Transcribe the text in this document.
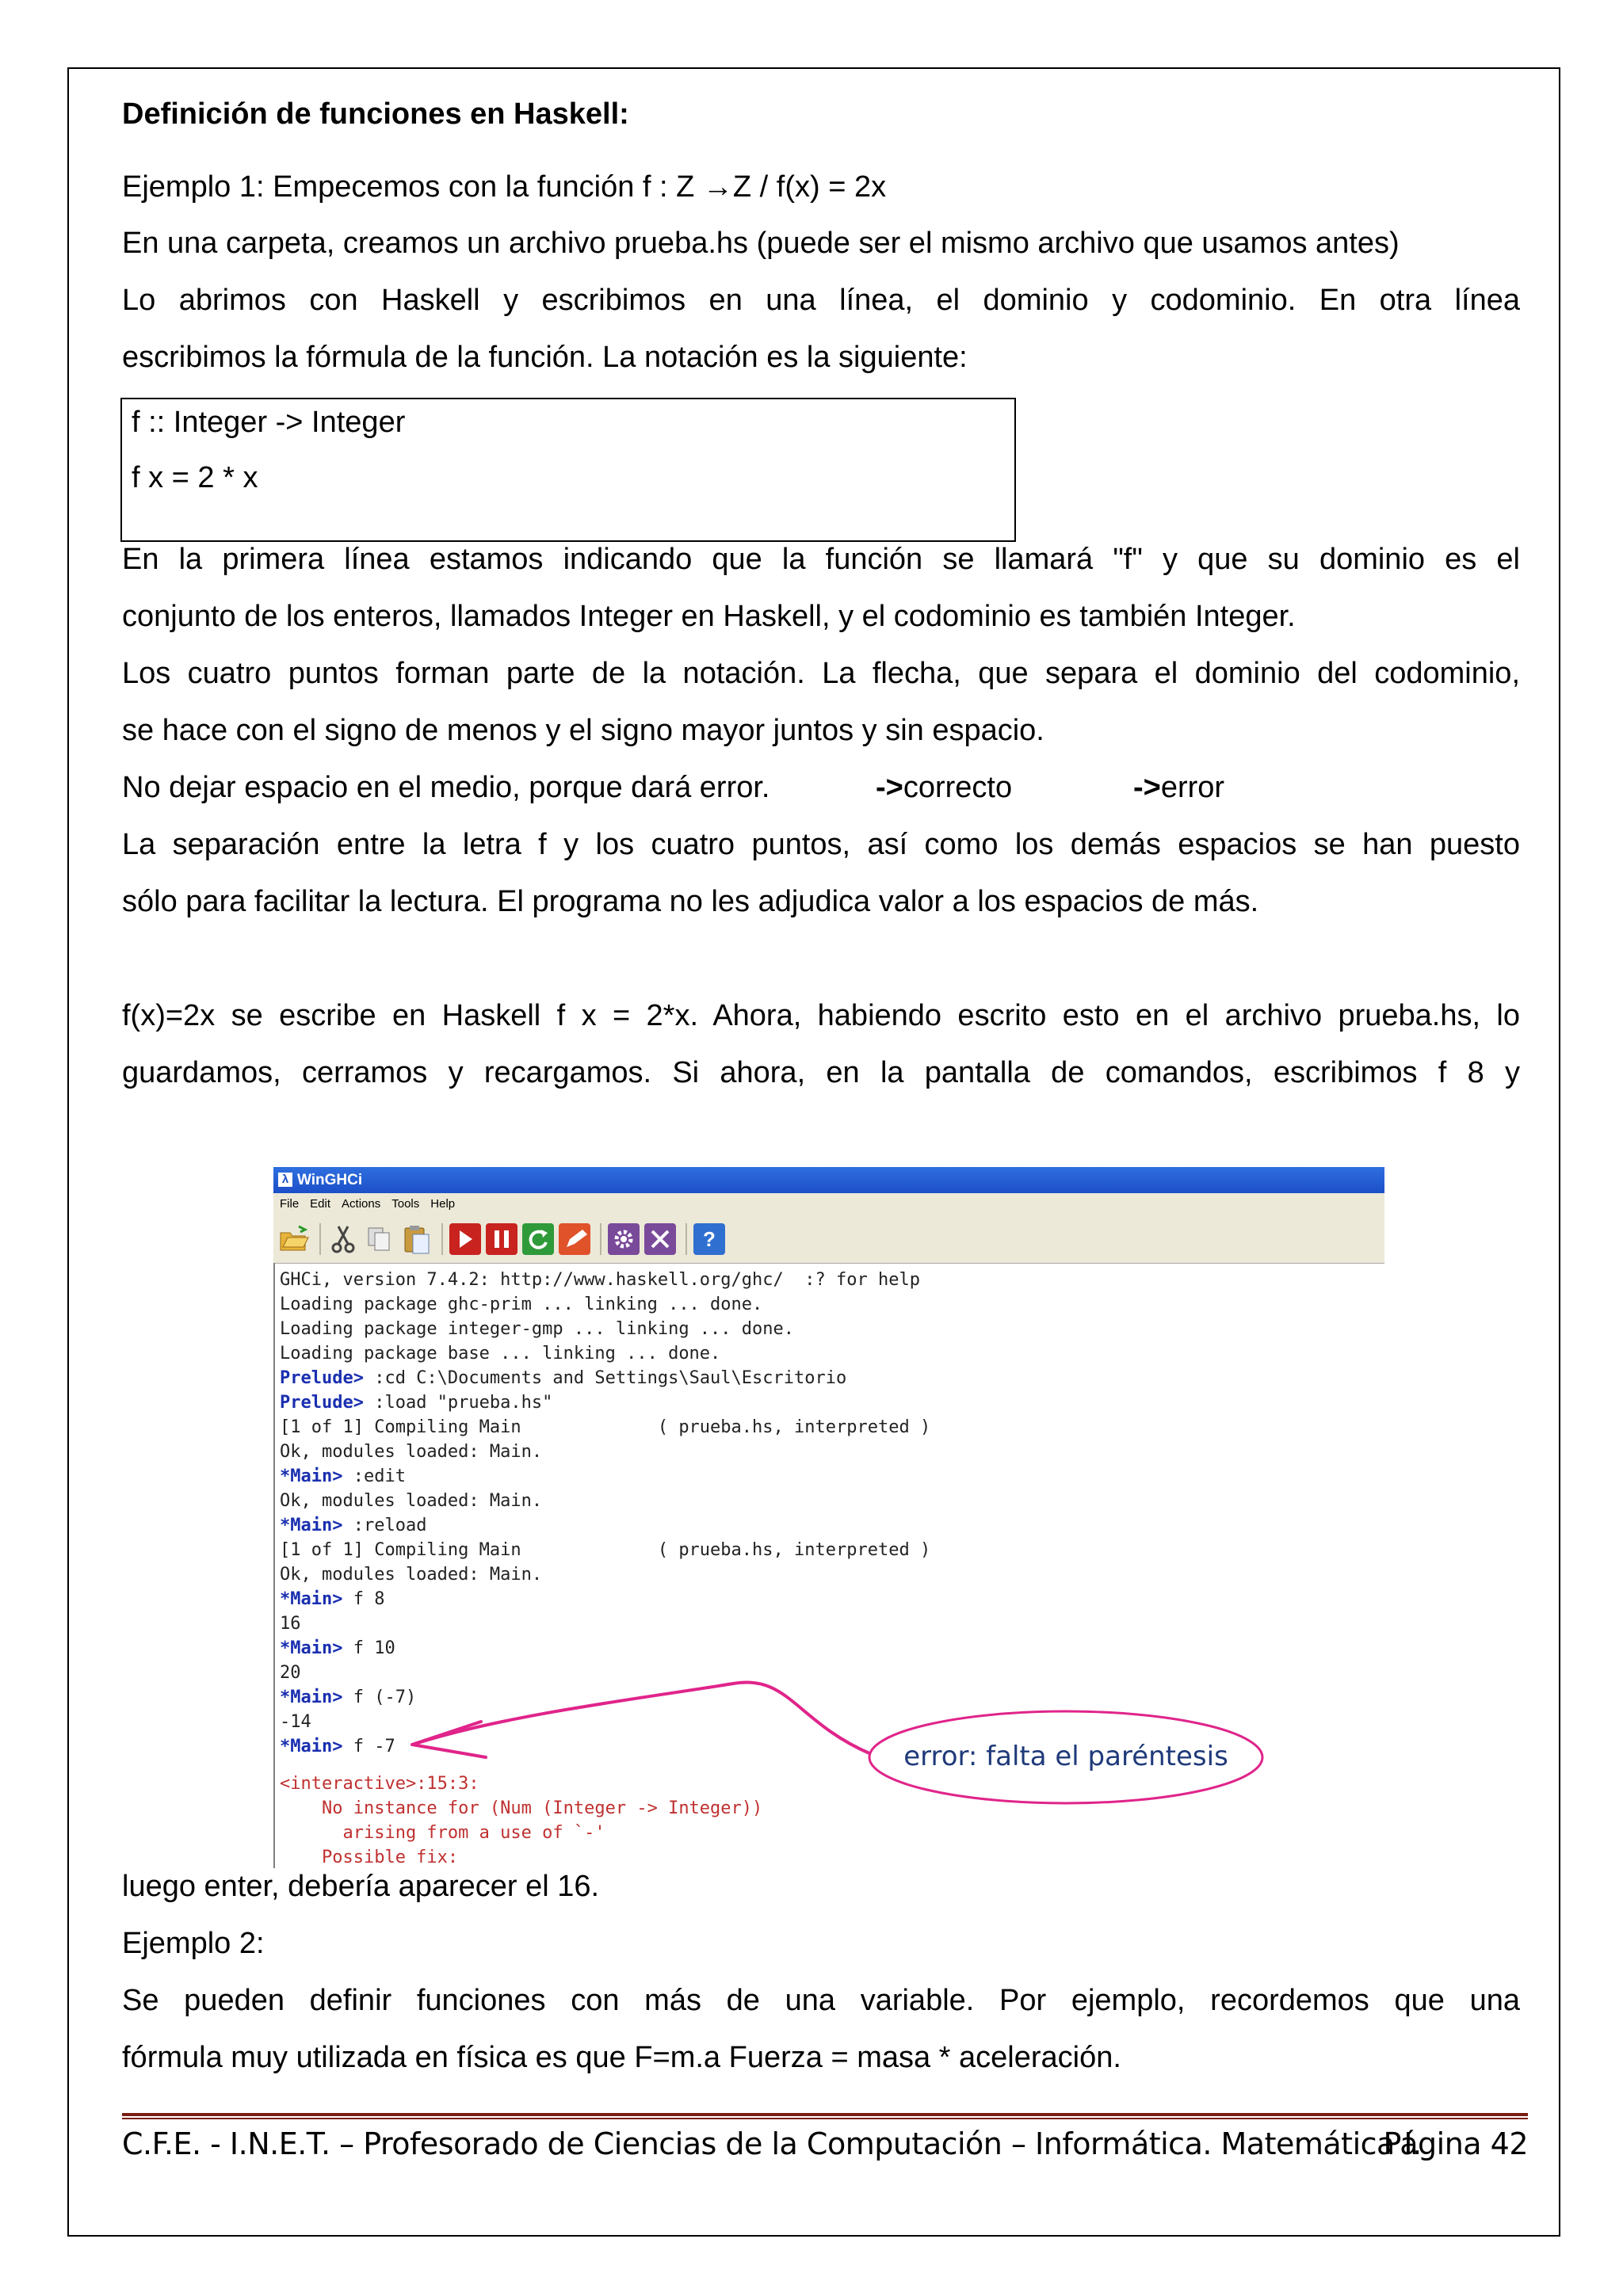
Definición de funciones en Haskell:
Ejemplo 1: Empecemos con la función f : Z →Z / f(x) = 2x
En una carpeta, creamos un archivo prueba.hs (puede ser el mismo archivo que usamos antes)
Lo abrimos con Haskell y escribimos en una línea, el dominio y codominio. En otra línea
escribimos la fórmula de la función. La notación es la siguiente:
f :: Integer -> Integer
f x = 2 * x
En la primera línea estamos indicando que la función se llamará "f" y que su dominio es el
conjunto de los enteros, llamados Integer en Haskell, y el codominio es también Integer.
Los cuatro puntos forman parte de la notación. La flecha, que separa el dominio del codominio,
se hace con el signo de menos y el signo mayor juntos y sin espacio.
No dejar espacio en el medio, porque dará error.	->correcto	->error
La separación entre la letra f y los cuatro puntos, así como los demás espacios se han puesto
sólo para facilitar la lectura. El programa no les adjudica valor a los espacios de más.
f(x)=2x se escribe en Haskell f x = 2*x. Ahora, habiendo escrito esto en el archivo prueba.hs, lo
guardamos, cerramos y recargamos. Si ahora, en la pantalla de comandos, escribimos f 8 y
λ WinGHCi
File Edit Actions Tools Help
?
GHCi, version 7.4.2: http://www.haskell.org/ghc/  :? for help
Loading package ghc-prim ... linking ... done.
Loading package integer-gmp ... linking ... done.
Loading package base ... linking ... done.
Prelude> :cd C:\Documents and Settings\Saul\Escritorio
Prelude> :load "prueba.hs"
[1 of 1] Compiling Main             ( prueba.hs, interpreted )
Ok, modules loaded: Main.
*Main> :edit
Ok, modules loaded: Main.
*Main> :reload
[1 of 1] Compiling Main             ( prueba.hs, interpreted )
Ok, modules loaded: Main.
*Main> f 8
16
*Main> f 10
20
*Main> f (-7)
-14
*Main> f -7
<interactive>:15:3:
No instance for (Num (Integer -> Integer))
arising from a use of `-'
Possible fix:
error: falta el paréntesis
luego enter, debería aparecer el 16.
Ejemplo 2:
Se pueden definir funciones con más de una variable. Por ejemplo, recordemos que una
fórmula muy utilizada en física es que F=m.a Fuerza = masa * aceleración.
C.F.E. - I.N.E.T. – Profesorado de Ciencias de la Computación – Informática. Matemática I.
Página 42
